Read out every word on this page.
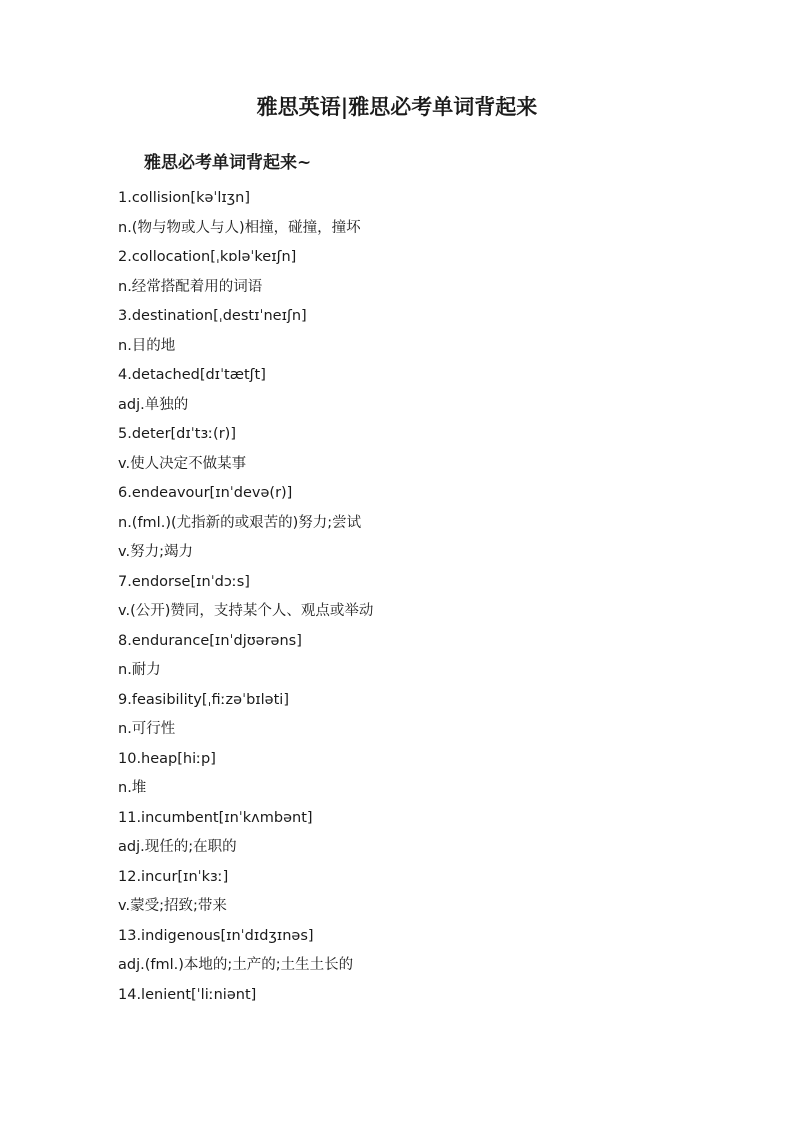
雅思英语|雅思必考单词背起来
雅思必考单词背起来~
1.collision[kəˈlɪʒn]
n.(物与物或人与人)相撞，碰撞，撞坏
2.collocation[ˌkɒləˈkeɪʃn]
n.经常搭配着用的词语
3.destination[ˌdestɪˈneɪʃn]
n.目的地
4.detached[dɪˈtætʃt]
adj.单独的
5.deter[dɪˈtɜː(r)]
v.使人决定不做某事
6.endeavour[ɪnˈdevə(r)]
n.(fml.)(尤指新的或艰苦的)努力;尝试
v.努力;竭力
7.endorse[ɪnˈdɔːs]
v.(公开)赞同，支持某个人、观点或举动
8.endurance[ɪnˈdjʊərəns]
n.耐力
9.feasibility[ˌfiːzəˈbɪləti]
n.可行性
10.heap[hiːp]
n.堆
11.incumbent[ɪnˈkʌmbənt]
adj.现任的;在职的
12.incur[ɪnˈkɜː]
v.蒙受;招致;带来
13.indigenous[ɪnˈdɪdʒɪnəs]
adj.(fml.)本地的;土产的;土生土长的
14.lenient[ˈliːniənt]
